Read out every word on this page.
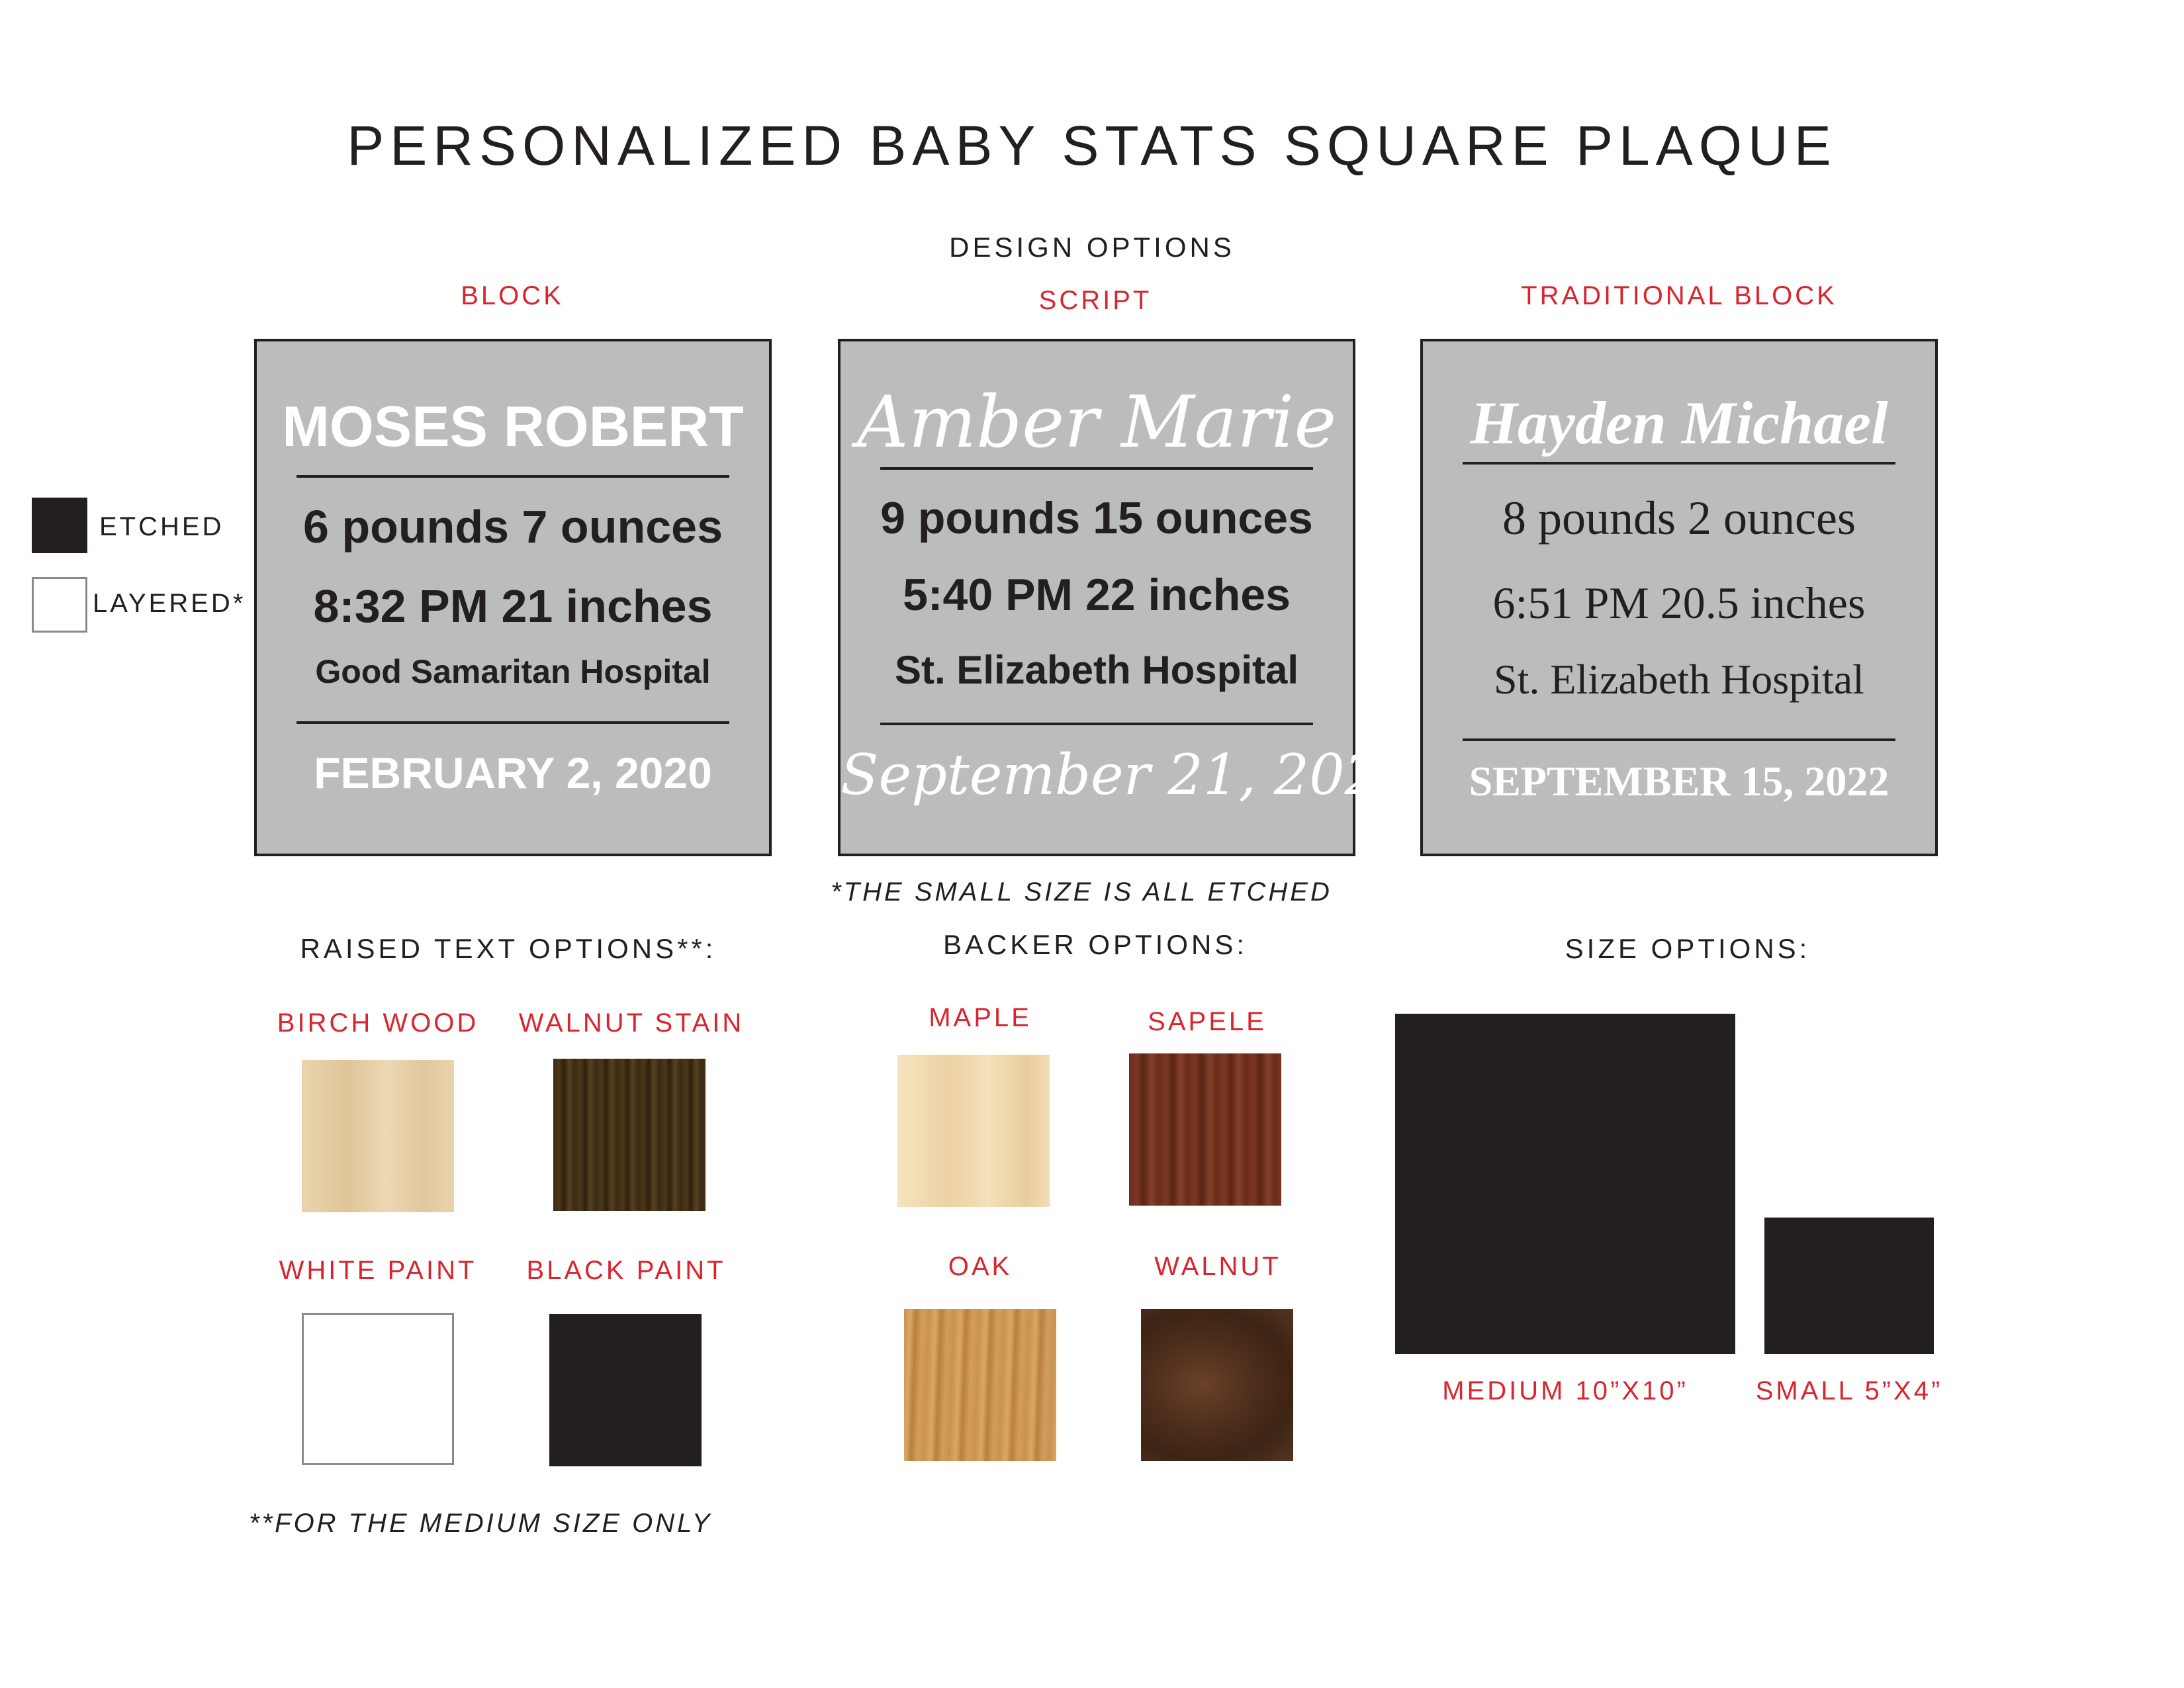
PERSONALIZED BABY STATS SQUARE PLAQUE
DESIGN OPTIONS
BLOCK	SCRIPT	TRADITIONAL BLOCK
MOSES ROBERT
6 pounds 7 ounces
8:32 PM 21 inches
Good Samaritan Hospital
FEBRUARY 2, 2020
Amber Marie
9 pounds 15 ounces
5:40 PM 22 inches
St. Elizabeth Hospital
September 21, 2020
Hayden Michael
8 pounds 2 ounces
6:51 PM 20.5 inches
St. Elizabeth Hospital
SEPTEMBER 15, 2022
ETCHED
LAYERED*
*THE SMALL SIZE IS ALL ETCHED
RAISED TEXT OPTIONS**:	BACKER OPTIONS:	SIZE OPTIONS:
BIRCH WOOD	WALNUT STAIN
WHITE PAINT	BLACK PAINT
**FOR THE MEDIUM SIZE ONLY
MAPLE	SAPELE
OAK	WALNUT
MEDIUM 10”X10”	SMALL 5”X4”
